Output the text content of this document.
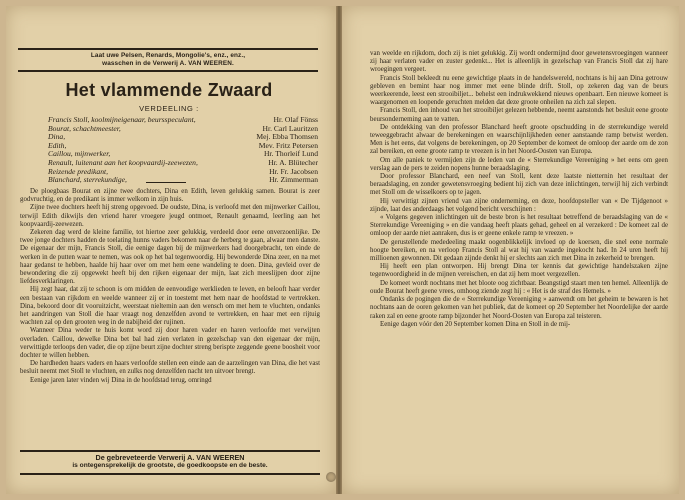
Laat uwe Pelsen, Renards, Mongolie's, enz., enz.,
wasschen in de Verwerij A. VAN WEEREN.
Het vlammende Zwaard
VERDEELING :
Francis Stoll, koolmijneigenaar, beursspeculant,	Hr. Olaf Fönss
Bourat, schachtmeester,	Hr. Carl Lauritzen
Dina,	Mej. Ebba Thomsen
Edith,	Mev. Fritz Petersen
Caillou, mijnwerker,	Hr. Thorleif Lund
Renault, luitenant aan het koopvaardij-zeewezen,	Hr. A. Blütecher
Reizende predikant,	Hr. Fr. Jacobsen
Blanchard, sterrekundige,	Hr. Zimmerman

De ploegbaas Bourat en zijne twee dochters, Dina en Edith, leven gelukkig samen. Bourat is zeer godvruchtig, en de predikant is immer welkom in zijn huis.

Zijne twee dochters heeft hij streng opgevoed. De oudste, Dina, is verloofd met den mijnwerker Caillou, terwijl Edith dikwijls den vriend harer vroegere jeugd ontmoet, Renault genaamd, leerling aan het koopvaardij-zeewezen.

Zekeren dag werd de kleine familie, tot hiertoe zeer gelukkig, verdeeld door eene onverzoenlijke. De twee jonge dochters hadden de toelating hunns vaders bekomen naar de herberg te gaan, alwaar men danste. De eigenaar der mijn, Francis Stoll, die eenige dagen bij de mijnwerkers had doorgebracht, ten einde de werken in de putten waar te nemen, was ook op het bal tegenwoordig. Hij bewonderde Dina zeer, en na met haar gedanst te hebben, haalde hij haar over om met hem eene wandeling te doen. Dina, gevleid over de bewondering die zij opgewekt heeft bij den rijken eigenaar der mijn, laat zich meeslijpen door zijne liefdesverklaringen.

Hij zegt haar, dat zij te schoon is om midden de eenvoudige werklieden te leven, en belooft haar verder een bestaan van rijkdom en weelde wanneer zij er in toestemt met hem naar de hoofdstad te vertrekken. Dina, bekoord door dit vooruitzicht, weerstaat nieltemin aan den wensch om met hem te vluchten, ondanks het aandringen van Stoll die haar vraagt nog denzelfden avond te vertrekken, en haar met een rijtuig wachten zal op den grooten weg in de nabijheid der rujinen.

Wanneer Dina weder te huis komt word zij door haren vader en haren verloofde met verwijten overladen. Caillou, dewelke Dina bet bal had zien verlaten in gezelschap van den eigenaar der mijn, verwittigde terloops den vader, die op zijne beurt zijne dochter streng berispte zeggende geene boosheit voor dochter te willen hebben.

De hardheden haars vaders en haars verloofde stellen een einde aan de aarzelingen van Dina, die het vast besluit neemt met Stoll te vluchten, en zulks nog denzelfden nacht ten uitvoer brengt.

Eenige jaren later vinden wij Dina in de hoofdstad terug, omringd

De gebreveteerde Verwerij A. VAN WEEREN
is ontegensprekelijk de grootste, de goedkoopste en de beste.

van weelde en rijkdom, doch zij is niet gelukkig. Zij wordt ondermijnd door gewetensvroegingen wanneer zij haar verlaten vader en zuster gedenkt... Het is alleenlijk in gezelschap van Francis Stoll dat zij hare wroegingen vergeet.

Francis Stoll bekleedt nu eene gewichtige plaats in de handelswereld, nochtans is hij aan Dina getrouw gebleven en bemint haar nog immer met eene blinde drift. Stoll, op zekeren dag van de beurs weerkeerende, leest een strooibiljet... behelst een indrukwekkend nieuws openbaart. Een nieuwe komeet is waargenomen en loopende geruchten melden dat deze groote onheilen na zich zal slepen.

Francis Stoll, den inhoud van het strooibiljet gelezen hebbende, neemt aanstonds het besluit eene groote beursonderneming aan te vatten.

De ontdekking van den professor Blanchard heeft groote opschudding in de sterrekundige wereld teweeggebracht alwaar de berekeningen en waarschijnlijkheden eener aanstaande ramp betwist werden. Men is het eens, dat volgens de berekeningen, op 20 September de komeet de omloop der aarde om de zon zal bereiken, en eene groote ramp te vreezen is in het Noord-Oosten van Europa.

Om alle paniek te vermijden zijn de leden van de « Sterrekundige Vereeniging » het eens om geen verslag aan de pers te zeiden nopens hunne beraadslaging.

Door professor Blanchard, een neef van Stoll, kent deze laatste nietternin het resultaat der beraadslaging, en zonder gewetensvroeging bedient hij zich van deze inlichtingen, terwijl hij zich verbindt met Stoll om de wisselkoers op te jagen.

Hij verwittigt zijnen vriend van zijne onderneming, en deze, hoofdopsteller van « De Tijdgenoot » zijnde, laat des anderdaags het volgend bericht verschijnen :

« Volgens gegeven inlichtingen uit de beste bron is het resultaat betreffend de beraadslaging van de « Sterrekundige Vereeniging » en die vandaag heeft plaats gehad, geheel en al verzekerd : De komeet zal de omloop der aarde niet aanraken, dus is er geene enkele ramp te vreezen. »

De gerustellende mededeeling maakt oogenblikkelijk invloed op de koersen, die snel eene normale hoogte bereiken, en na verloop Francis Stoll al wat hij van waarde ingekocht had. In 24 uren heeft hij millioenen gewonnen. Dit gedaan zijnde denkt hij er slechts aan zich met Dina in zekerheid te brengen.

Hij heeft een plan ontworpen. Hij brengt Dina ter kennis dat gewichtige handelszaken zijne tegenwoordigheid in de mijnen vereischen, en dat zij hem moet vergezellen.

De komeet wordt nochtans met het bloote oog zichtbaar. Beangstigd staart men ten hemel. Alleenlijk de oude Bourat heeft geene vrees, omhoog ziende zegt hij : « Het is de straf des Hemels. »

Ondanks de pogingen die de « Sterrekundige Vereeniging » aanwendt om het geheim te bewaren is het nochtans aan de ooren gekomen van het publiek, dat de komeet op 20 September het Noordelijke der aarde raken zal en eene groote ramp bijzonder het Noord-Oosten van Europa zal teisteren.

Eenige dagen vóór den 20 September komen Dina en Stoll in de mij-
